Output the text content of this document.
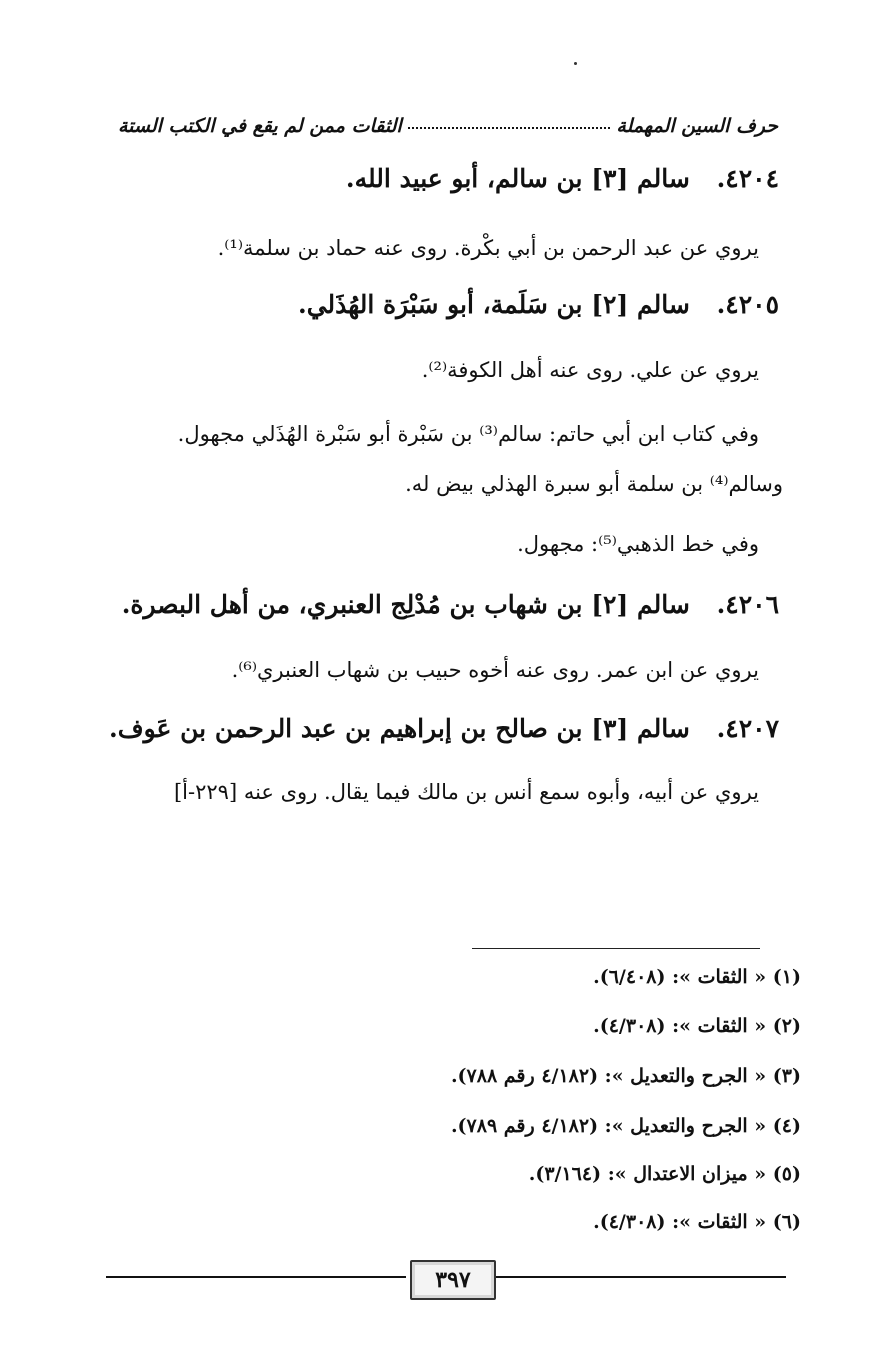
حرف السين المهملة
الثقات ممن لم يقع في الكتب الستة
٤٢٠٤. سالم [٣] بن سالم، أبو عبيد الله.
يروي عن عبد الرحمن بن أبي بكْرة. روى عنه حماد بن سلمة⁽¹⁾.
٤٢٠٥. سالم [٢] بن سَلَمة، أبو سَبْرَة الهُذَلي.
يروي عن علي. روى عنه أهل الكوفة⁽²⁾.
وفي كتاب ابن أبي حاتم: سالم⁽³⁾ بن سَبْرة أبو سَبْرة الهُذَلي مجهول.
وسالم⁽⁴⁾ بن سلمة أبو سبرة الهذلي بيض له.
وفي خط الذهبي⁽⁵⁾: مجهول.
٤٢٠٦. سالم [٢] بن شهاب بن مُدْلِج العنبري، من أهل البصرة.
يروي عن ابن عمر. روى عنه أخوه حبيب بن شهاب العنبري⁽⁶⁾.
٤٢٠٧. سالم [٣] بن صالح بن إبراهيم بن عبد الرحمن بن عَوف.
يروي عن أبيه، وأبوه سمع أنس بن مالك فيما يقال. روى عنه [٢٢٩-أ]
(١) « الثقات »: (٦/٤٠٨).
(٢) « الثقات »: (٤/٣٠٨).
(٣) « الجرح والتعديل »: (٤/١٨٢ رقم ٧٨٨).
(٤) « الجرح والتعديل »: (٤/١٨٢ رقم ٧٨٩).
(٥) « ميزان الاعتدال »: (٣/١٦٤).
(٦) « الثقات »: (٤/٣٠٨).
٣٩٧
